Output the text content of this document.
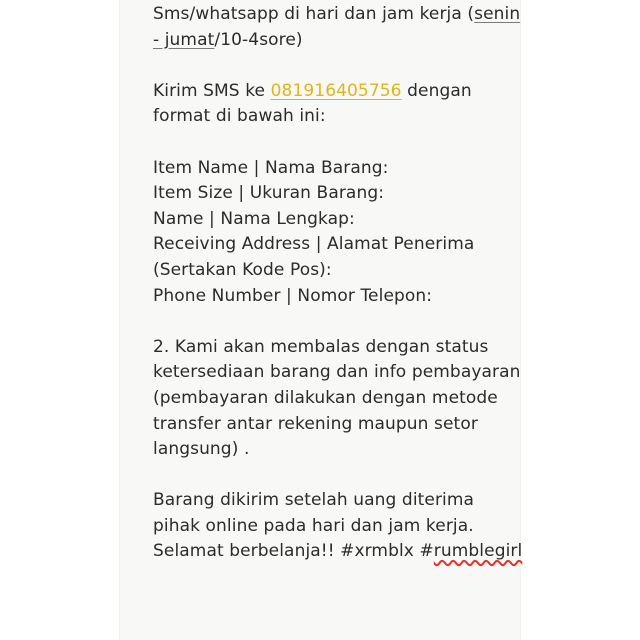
Sms/whatsapp di hari dan jam kerja (senin
- jumat/10-4sore)
Kirim SMS ke 081916405756 dengan
format di bawah ini:
Item Name | Nama Barang:
Item Size | Ukuran Barang:
Name | Nama Lengkap:
Receiving Address | Alamat Penerima
(Sertakan Kode Pos):
Phone Number | Nomor Telepon:
2. Kami akan membalas dengan status
ketersediaan barang dan info pembayaran
(pembayaran dilakukan dengan metode
transfer antar rekening maupun setor
langsung) .
Barang dikirim setelah uang diterima
pihak online pada hari dan jam kerja.
Selamat berbelanja!! #xrmblx #rumblegirl
